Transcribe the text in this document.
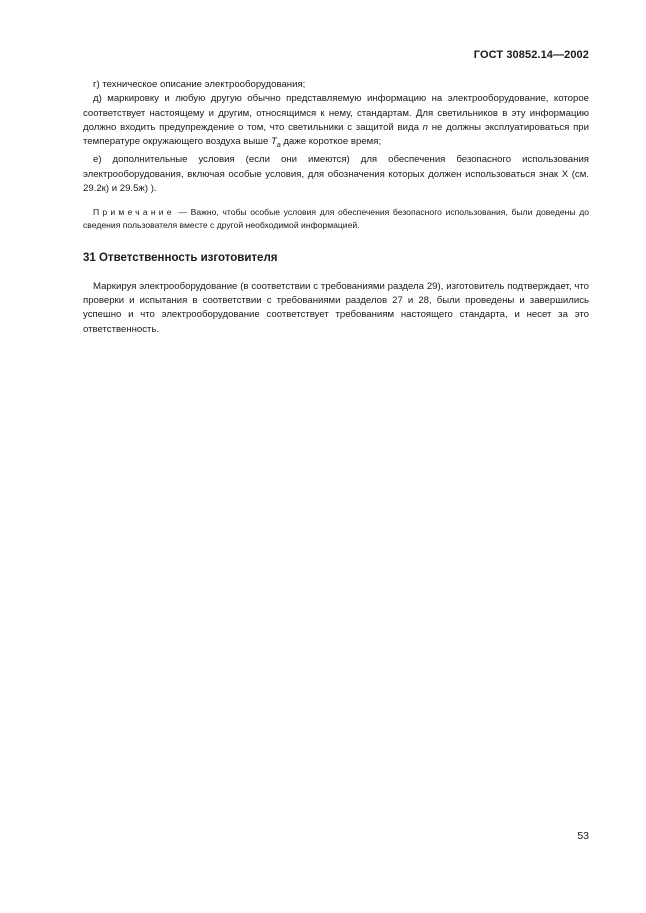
ГОСТ 30852.14—2002

г) техническое описание электрооборудования;

д) маркировку и любую другую обычно представляемую информацию на электрооборудование, которое соответствует настоящему и другим, относящимся к нему, стандартам. Для светильников в эту информацию должно входить предупреждение о том, что светильники с защитой вида n не должны эксплуатироваться при температуре окружающего воздуха выше $T_a$ даже короткое время;

е) дополнительные условия (если они имеются) для обеспечения безопасного использования электрооборудования, включая особые условия, для обозначения которых должен использоваться знак X (см. 29.2к) и 29.5ж) ).

Примечание — Важно, чтобы особые условия для обеспечения безопасного использования, были доведены до сведения пользователя вместе с другой необходимой информацией.

31 Ответственность изготовителя

Маркируя электрооборудование (в соответствии с требованиями раздела 29), изготовитель подтверждает, что проверки и испытания в соответствии с требованиями разделов 27 и 28, были проведены и завершились успешно и что электрооборудование соответствует требованиям настоящего стандарта, и несет за это ответственность.

53
